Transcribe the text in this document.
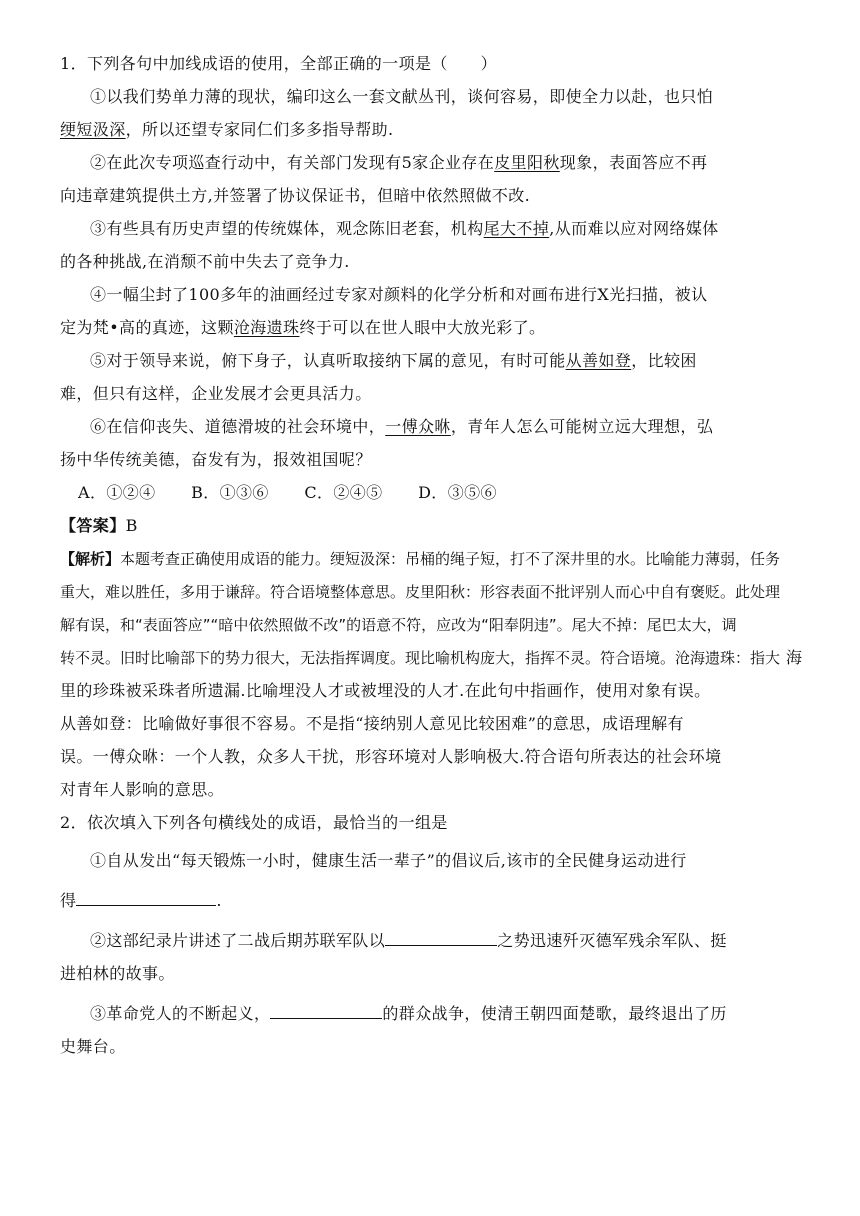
1．下列各句中加线成语的使用，全部正确的一项是（　　）
①以我们势单力薄的现状，编印这么一套文献丛刊，谈何容易，即使全力以赴，也只怕
绠短汲深，所以还望专家同仁们多多指导帮助.
②在此次专项巡查行动中，有关部门发现有5家企业存在皮里阳秋现象，表面答应不再
向违章建筑提供土方,并签署了协议保证书，但暗中依然照做不改.
③有些具有历史声望的传统媒体，观念陈旧老套，机构尾大不掉,从而难以应对网络媒体
的各种挑战,在消颓不前中失去了竞争力.
④一幅尘封了100多年的油画经过专家对颜料的化学分析和对画布进行X光扫描，被认
定为梵•高的真迹，这颗沧海遗珠终于可以在世人眼中大放光彩了。
⑤对于领导来说，俯下身子，认真听取接纳下属的意见，有时可能从善如登，比较困
难，但只有这样，企业发展才会更具活力。
⑥在信仰丧失、道德滑坡的社会环境中，一傅众咻，青年人怎么可能树立远大理想，弘
扬中华传统美德，奋发有为，报效祖国呢？
A．①②④ B．①③⑥ C．②④⑤ D．③⑤⑥
【答案】B
【解析】本题考查正确使用成语的能力。绠短汲深：吊桶的绳子短，打不了深井里的水。比喻能力薄弱，任务
重大，难以胜任，多用于谦辞。符合语境整体意思。皮里阳秋：形容表面不批评别人而心中自有褒贬。此处理
解有误，和“表面答应”“暗中依然照做不改”的语意不符，应改为“阳奉阴违”。尾大不掉：尾巴太大，调
转不灵。旧时比喻部下的势力很大，无法指挥调度。现比喻机构庞大，指挥不灵。符合语境。沧海遗珠：指大 海
里的珍珠被采珠者所遗漏.比喻埋没人才或被埋没的人才.在此句中指画作，使用对象有误。
从善如登：比喻做好事很不容易。不是指“接纳别人意见比较困难”的意思，成语理解有
误。一傅众咻：一个人教，众多人干扰，形容环境对人影响极大.符合语句所表达的社会环境
对青年人影响的意思。
2．依次填入下列各句横线处的成语，最恰当的一组是
①自从发出“每天锻炼一小时，健康生活一辈子”的倡议后,该市的全民健身运动进行
得	.
②这部纪录片讲述了二战后期苏联军队以	之势迅速歼灭德军残余军队、挺
进柏林的故事。
③革命党人的不断起义，	的群众战争，使清王朝四面楚歌，最终退出了历
史舞台。
